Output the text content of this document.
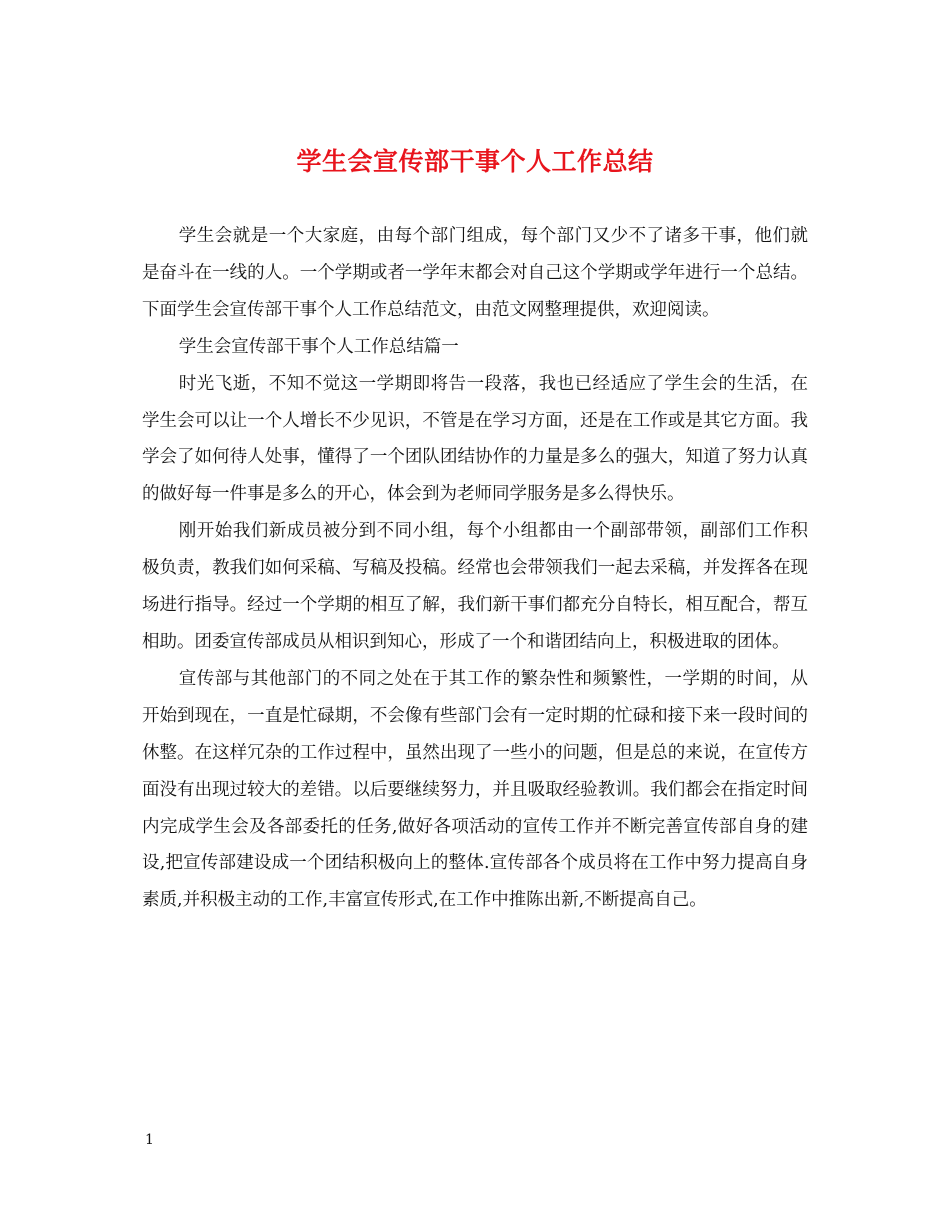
学生会宣传部干事个人工作总结

学生会就是一个大家庭，由每个部门组成，每个部门又少不了诸多干事，他们就是奋斗在一线的人。一个学期或者一学年末都会对自己这个学期或学年进行一个总结。下面学生会宣传部干事个人工作总结范文，由范文网整理提供，欢迎阅读。

学生会宣传部干事个人工作总结篇一

时光飞逝，不知不觉这一学期即将告一段落，我也已经适应了学生会的生活，在学生会可以让一个人增长不少见识，不管是在学习方面，还是在工作或是其它方面。我学会了如何待人处事，懂得了一个团队团结协作的力量是多么的强大，知道了努力认真的做好每一件事是多么的开心，体会到为老师同学服务是多么得快乐。

刚开始我们新成员被分到不同小组，每个小组都由一个副部带领，副部们工作积极负责，教我们如何采稿、写稿及投稿。经常也会带领我们一起去采稿，并发挥各在现场进行指导。经过一个学期的相互了解，我们新干事们都充分自特长，相互配合，帮互相助。团委宣传部成员从相识到知心，形成了一个和谐团结向上，积极进取的团体。

宣传部与其他部门的不同之处在于其工作的繁杂性和频繁性，一学期的时间，从开始到现在，一直是忙碌期，不会像有些部门会有一定时期的忙碌和接下来一段时间的休整。在这样冗杂的工作过程中，虽然出现了一些小的问题，但是总的来说，在宣传方面没有出现过较大的差错。以后要继续努力，并且吸取经验教训。我们都会在指定时间内完成学生会及各部委托的任务,做好各项活动的宣传工作并不断完善宣传部自身的建设,把宣传部建设成一个团结积极向上的整体.宣传部各个成员将在工作中努力提高自身素质,并积极主动的工作,丰富宣传形式,在工作中推陈出新,不断提高自己。

1
